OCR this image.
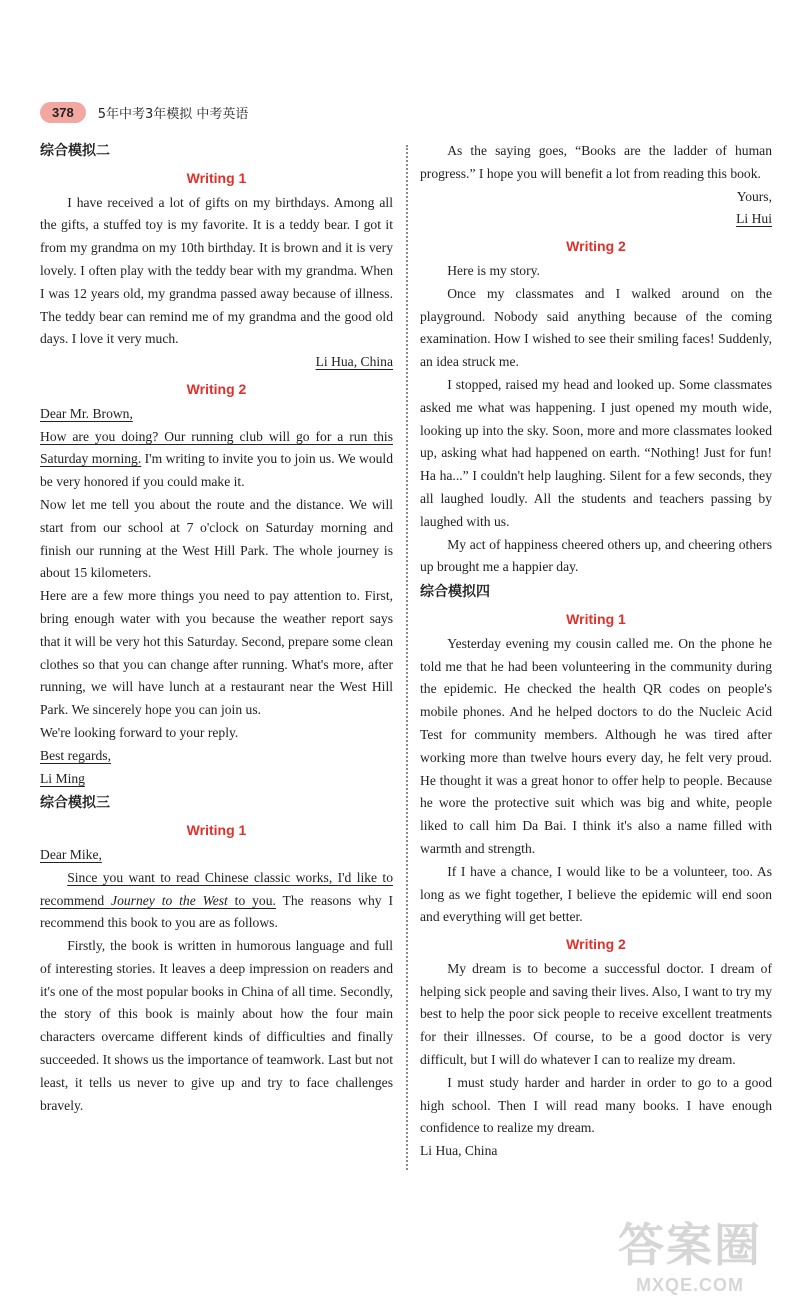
378	5年中考3年模拟 中考英语
综合模拟二
Writing 1

I have received a lot of gifts on my birthdays. Among all the gifts, a stuffed toy is my favorite. It is a teddy bear. I got it from my grandma on my 10th birthday. It is brown and it is very lovely. I often play with the teddy bear with my grandma. When I was 12 years old, my grandma passed away because of illness. The teddy bear can remind me of my grandma and the good old days. I love it very much.

Li Hua, China

Writing 2

Dear Mr. Brown,

How are you doing? Our running club will go for a run this Saturday morning. I'm writing to invite you to join us. We would be very honored if you could make it.

Now let me tell you about the route and the distance. We will start from our school at 7 o'clock on Saturday morning and finish our running at the West Hill Park. The whole journey is about 15 kilometers.

Here are a few more things you need to pay attention to. First, bring enough water with you because the weather report says that it will be very hot this Saturday. Second, prepare some clean clothes so that you can change after running. What's more, after running, we will have lunch at a restaurant near the West Hill Park. We sincerely hope you can join us.

We're looking forward to your reply.

Best regards,

Li Ming

综合模拟三
Writing 1

Dear Mike,

Since you want to read Chinese classic works, I'd like to recommend Journey to the West to you. The reasons why I recommend this book to you are as follows.

Firstly, the book is written in humorous language and full of interesting stories. It leaves a deep impression on readers and it's one of the most popular books in China of all time. Secondly, the story of this book is mainly about how the four main characters overcame different kinds of difficulties and finally succeeded. It shows us the importance of teamwork. Last but not least, it tells us never to give up and try to face challenges bravely.

As the saying goes, “Books are the ladder of human progress.” I hope you will benefit a lot from reading this book.

Yours,

Li Hui

Writing 2

Here is my story.

Once my classmates and I walked around on the playground. Nobody said anything because of the coming examination. How I wished to see their smiling faces! Suddenly, an idea struck me.

I stopped, raised my head and looked up. Some classmates asked me what was happening. I just opened my mouth wide, looking up into the sky. Soon, more and more classmates looked up, asking what had happened on earth. “Nothing! Just for fun! Ha ha...” I couldn't help laughing. Silent for a few seconds, they all laughed loudly. All the students and teachers passing by laughed with us.

My act of happiness cheered others up, and cheering others up brought me a happier day.

综合模拟四
Writing 1

Yesterday evening my cousin called me. On the phone he told me that he had been volunteering in the community during the epidemic. He checked the health QR codes on people's mobile phones. And he helped doctors to do the Nucleic Acid Test for community members. Although he was tired after working more than twelve hours every day, he felt very proud. He thought it was a great honor to offer help to people. Because he wore the protective suit which was big and white, people liked to call him Da Bai. I think it's also a name filled with warmth and strength.

If I have a chance, I would like to be a volunteer, too. As long as we fight together, I believe the epidemic will end soon and everything will get better.

Writing 2

My dream is to become a successful doctor. I dream of helping sick people and saving their lives. Also, I want to try my best to help the poor sick people to receive excellent treatments for their illnesses. Of course, to be a good doctor is very difficult, but I will do whatever I can to realize my dream.

I must study harder and harder in order to go to a good high school. Then I will read many books. I have enough confidence to realize my dream.

Li Hua, China

答案圈
MXQE.COM
